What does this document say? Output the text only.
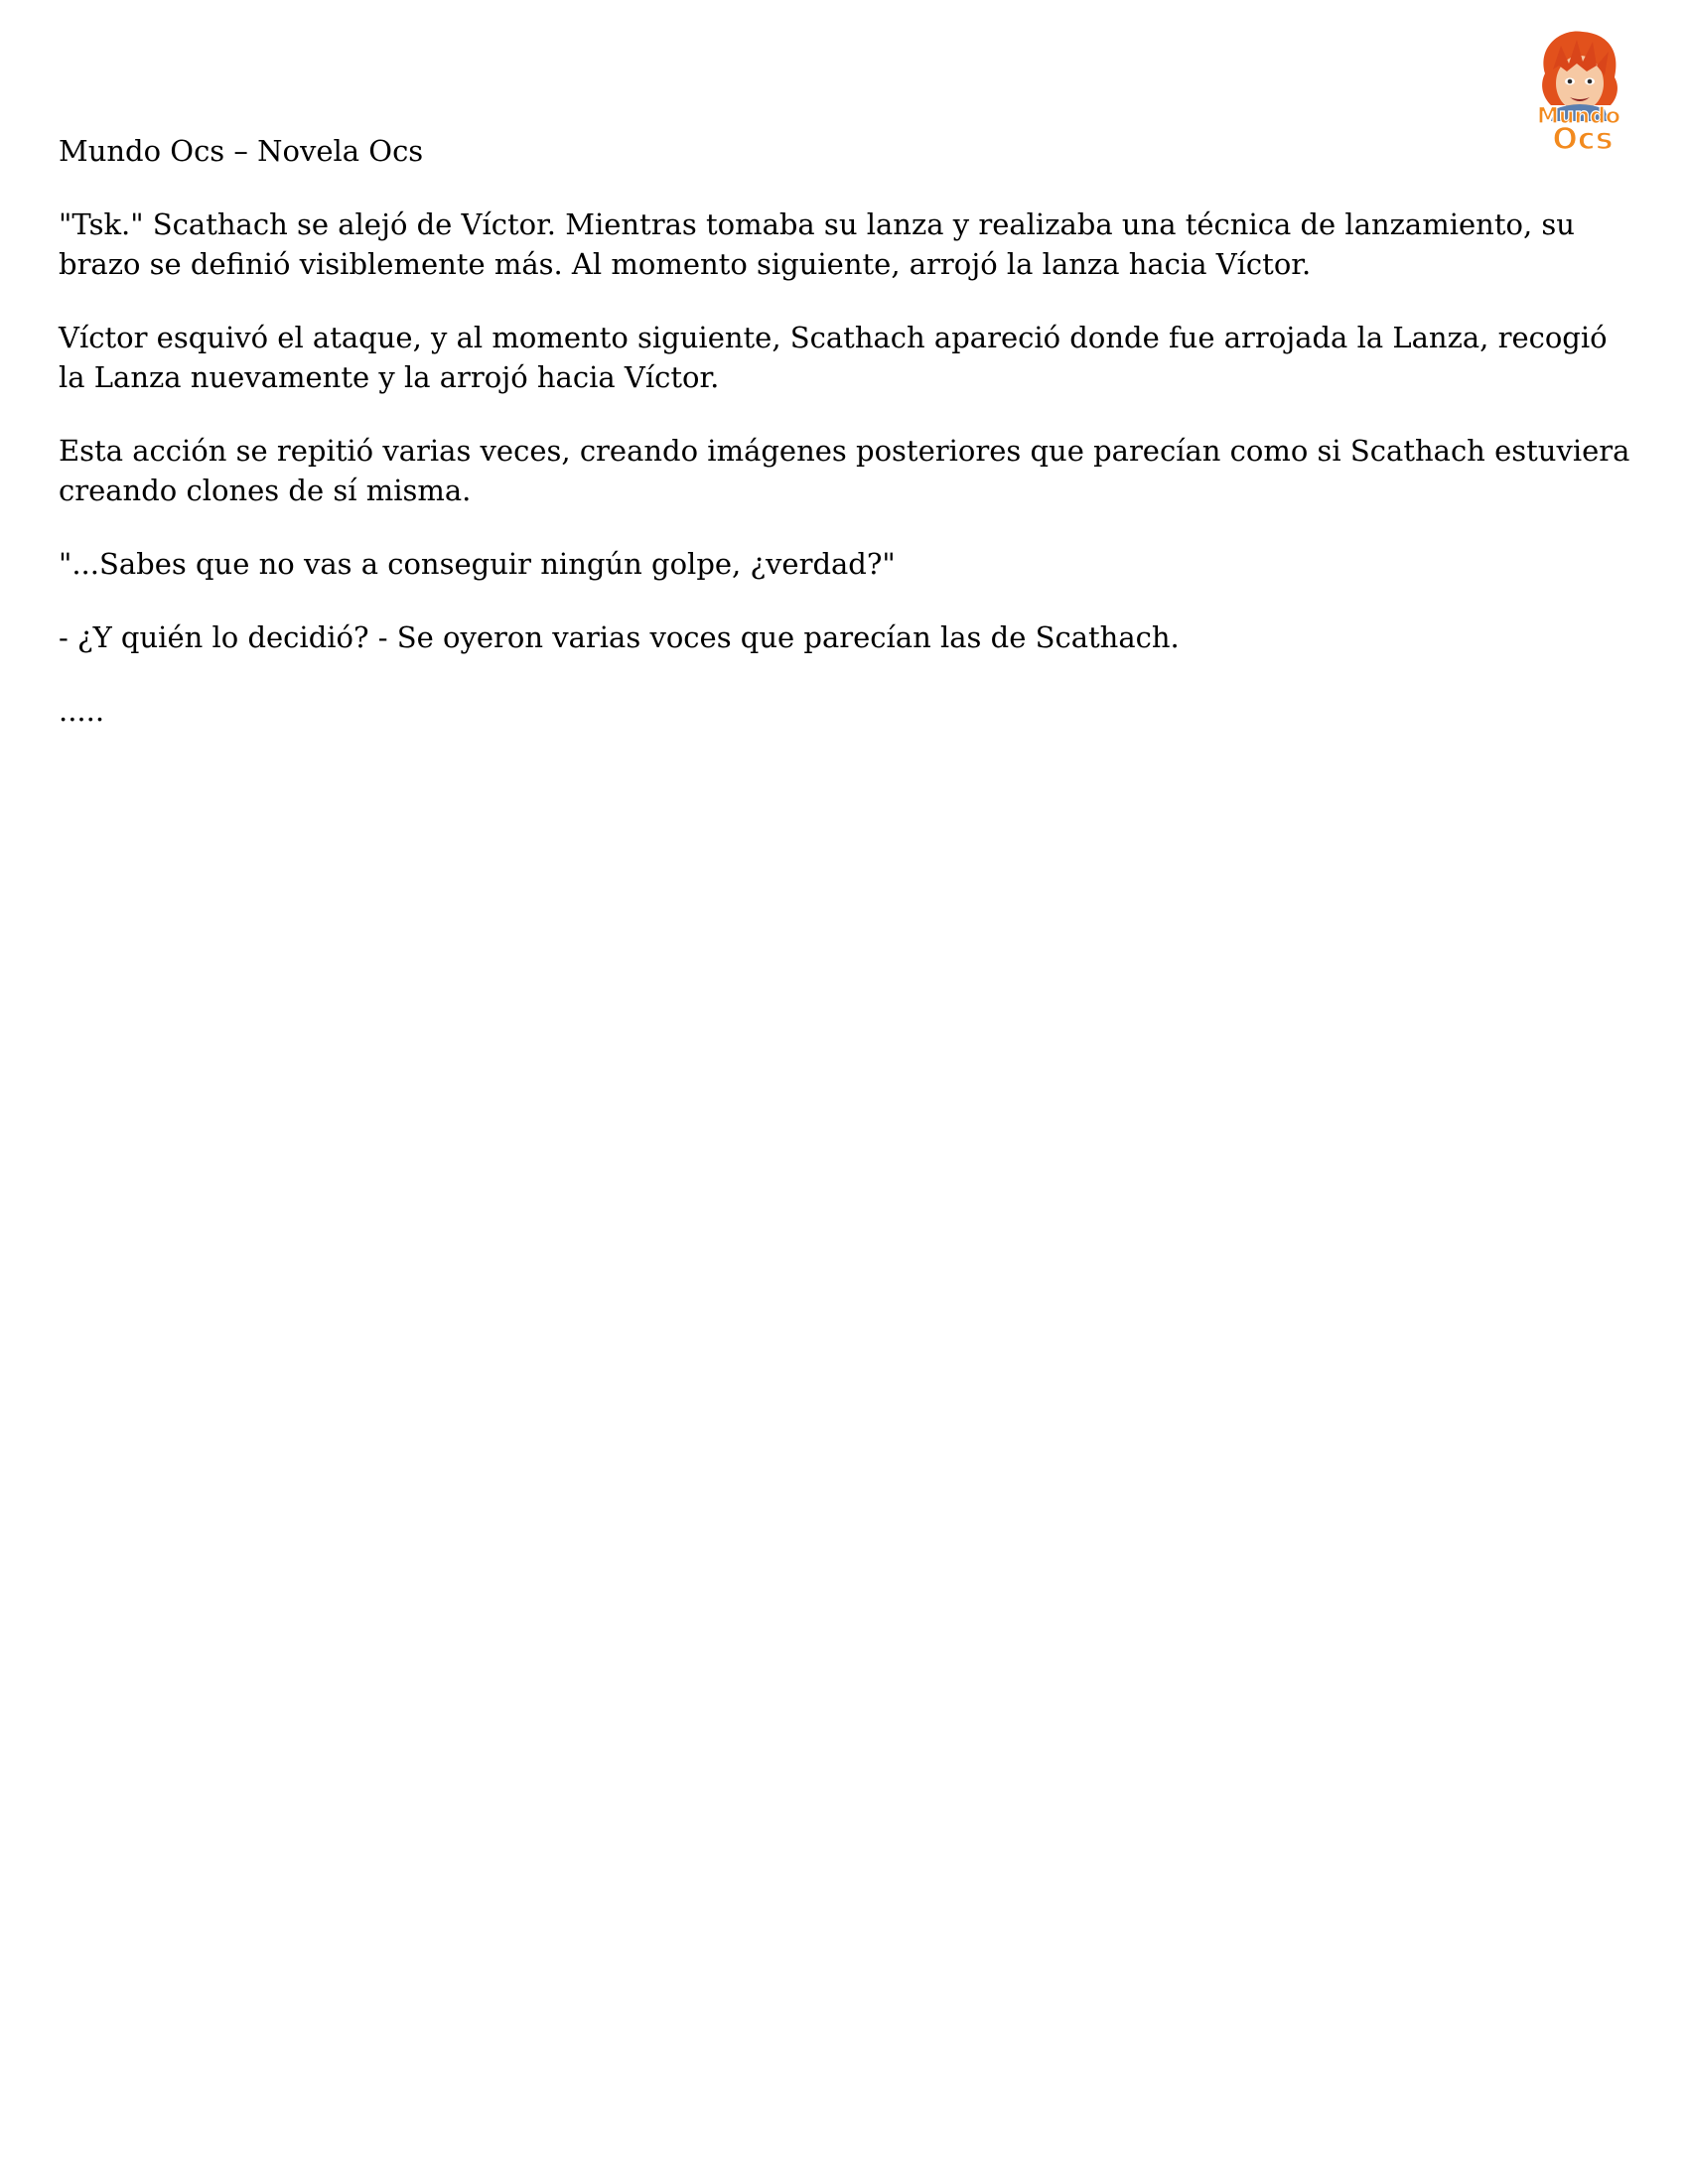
Mundo
Ocs

Mundo Ocs – Novela Ocs

"Tsk." Scathach se alejó de Víctor. Mientras tomaba su lanza y realizaba una técnica de lanzamiento, su brazo se definió visiblemente más. Al momento siguiente, arrojó la lanza hacia Víctor.

Víctor esquivó el ataque, y al momento siguiente, Scathach apareció donde fue arrojada la Lanza, recogió la Lanza nuevamente y la arrojó hacia Víctor.

Esta acción se repitió varias veces, creando imágenes posteriores que parecían como si Scathach estuviera creando clones de sí misma.

"...Sabes que no vas a conseguir ningún golpe, ¿verdad?"

- ¿Y quién lo decidió? - Se oyeron varias voces que parecían las de Scathach.

.....
